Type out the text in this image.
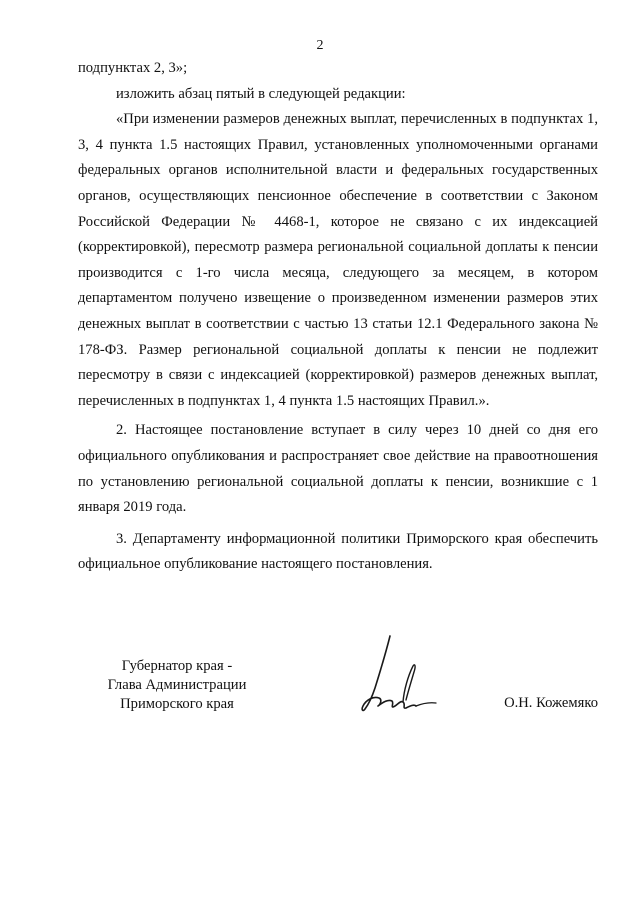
2

подпунктах 2, 3»;

изложить абзац пятый в следующей редакции:

«При изменении размеров денежных выплат, перечисленных в подпунктах 1, 3, 4 пункта 1.5 настоящих Правил, установленных уполномоченными органами федеральных органов исполнительной власти и федеральных государственных органов, осуществляющих пенсионное обеспечение в соответствии с Законом Российской Федерации № 4468-1, которое не связано с их индексацией (корректировкой), пересмотр размера региональной социальной доплаты к пенсии производится с 1-го числа месяца, следующего за месяцем, в котором департаментом получено извещение о произведенном изменении размеров этих денежных выплат в соответствии с частью 13 статьи 12.1 Федерального закона № 178-ФЗ. Размер региональной социальной доплаты к пенсии не подлежит пересмотру в связи с индексацией (корректировкой) размеров денежных выплат, перечисленных в подпунктах 1, 4 пункта 1.5 настоящих Правил.».

2. Настоящее постановление вступает в силу через 10 дней со дня его официального опубликования и распространяет свое действие на правоотношения по установлению региональной социальной доплаты к пенсии, возникшие с 1 января 2019 года.

3. Департаменту информационной политики Приморского края обеспечить официальное опубликование настоящего постановления.

Губернатор края -
Глава Администрации
Приморского края	О.Н. Кожемяко
